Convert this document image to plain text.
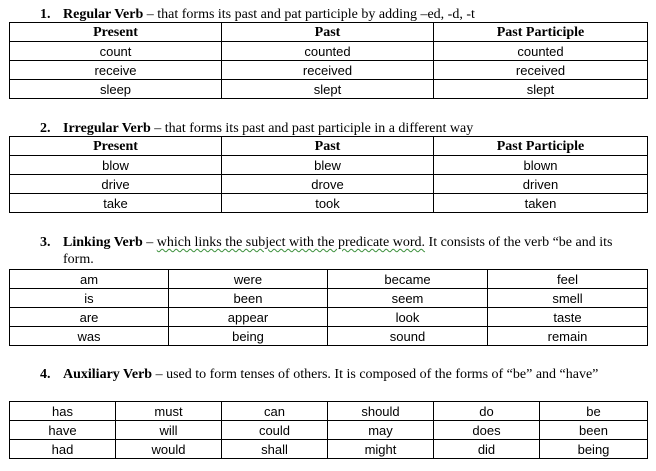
1. Regular Verb – that forms its past and pat participle by adding –ed, -d, -t
Present	Past	Past Participle
count	counted	counted
receive	received	received
sleep	slept	slept
2. Irregular Verb – that forms its past and past participle in a different way
Present	Past	Past Participle
blow	blew	blown
drive	drove	driven
take	took	taken
3. Linking Verb – which links the subject with the predicate word. It consists of the verb “be and its form.
am	were	became	feel
is	been	seem	smell
are	appear	look	taste
was	being	sound	remain
4. Auxiliary Verb – used to form tenses of others. It is composed of the forms of “be” and “have”
has	must	can	should	do	be
have	will	could	may	does	been
had	would	shall	might	did	being
